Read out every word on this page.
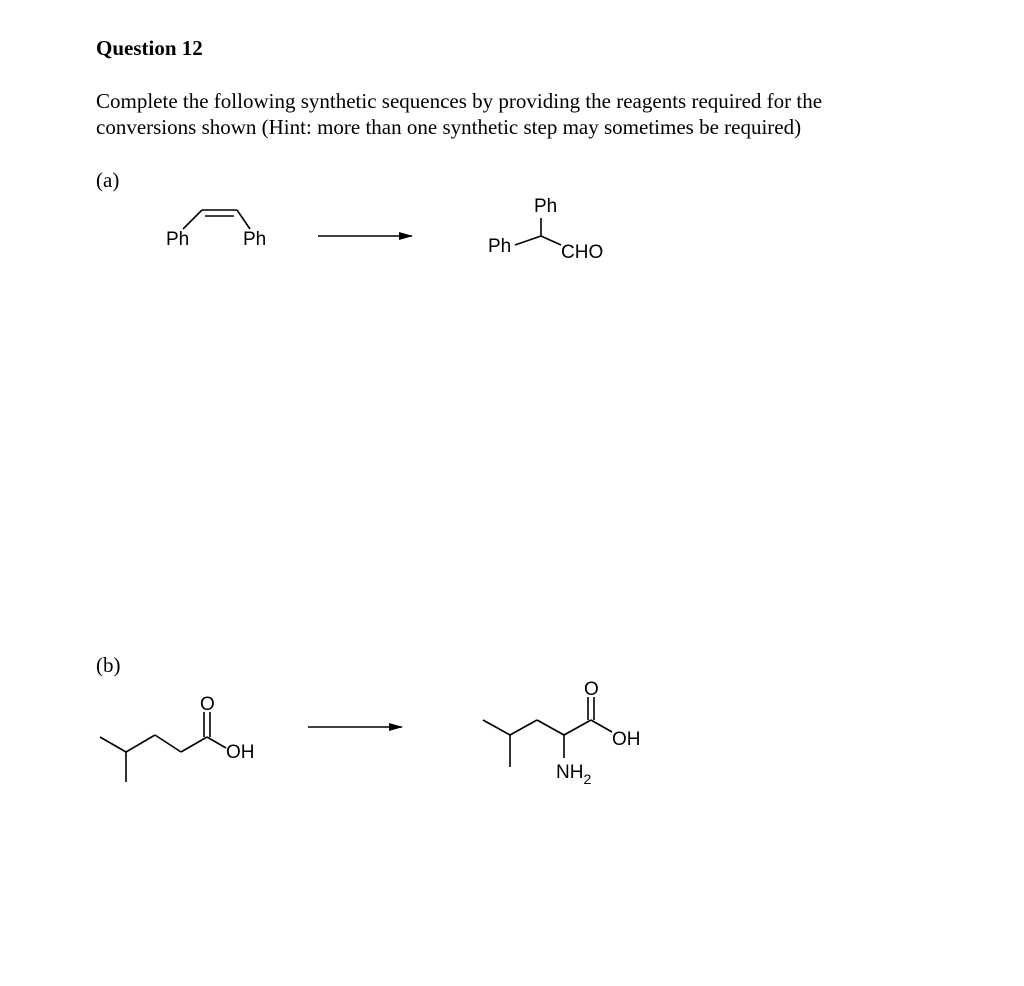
Question 12
Complete the following synthetic sequences by providing the reagents required for the conversions shown (Hint: more than one synthetic step may sometimes be required)
(a)
(b)
Ph	Ph
Ph
Ph	CHO
O
OH
O
OH
$NH_2$
